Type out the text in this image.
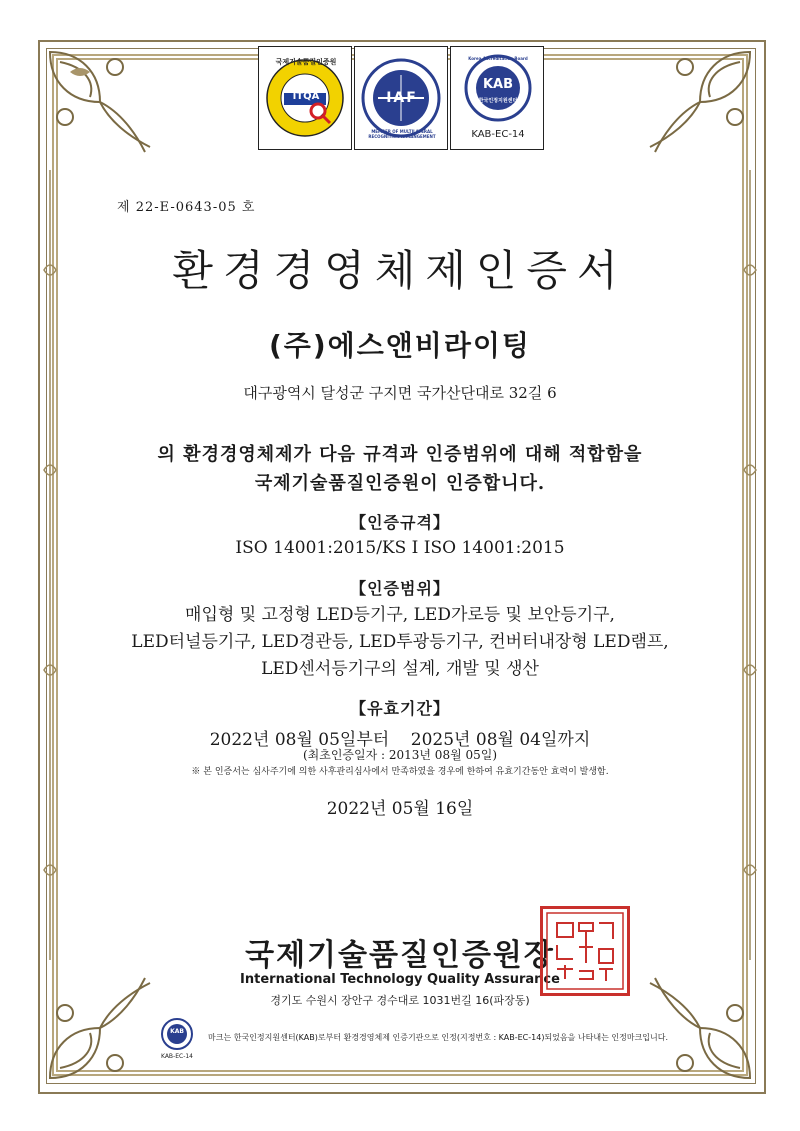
ITQA
국제기술품질인증원
IAF
MEMBER OF MULTILATERAL RECOGNITION ARRANGEMENT
KAB
Korea Accreditation Board
한국인정지원센터
KAB-EC-14
제 22-E-0643-05 호
환경경영체제인증서
(주)에스앤비라이팅
대구광역시 달성군 구지면 국가산단대로 32길 6
의 환경경영체제가 다음 규격과 인증범위에 대해 적합함을
국제기술품질인증원이 인증합니다.
【인증규격】
ISO 14001:2015/KS I ISO 14001:2015
【인증범위】
매입형 및 고정형 LED등기구, LED가로등 및 보안등기구,
LED터널등기구, LED경관등, LED투광등기구, 컨버터내장형 LED램프,
LED센서등기구의 설계, 개발 및 생산
【유효기간】
2022년 08월 05일부터    2025년 08월 04일까지
(최초인증일자 : 2013년 08월 05일)
※ 본 인증서는 심사주기에 의한 사후관리심사에서 만족하였을 경우에 한하여 유효기간동안 효력이 발생함.
2022년 05월 16일
국제기술품질인증원장
International Technology Quality Assurance
경기도 수원시 장안구 경수대로 1031번길 16(파장동)
KAB
KAB-EC-14
마크는 한국인정지원센터(KAB)로부터 환경경영체제 인증기관으로 인정(지정번호 : KAB-EC-14)되었음을 나타내는 인정마크입니다.
